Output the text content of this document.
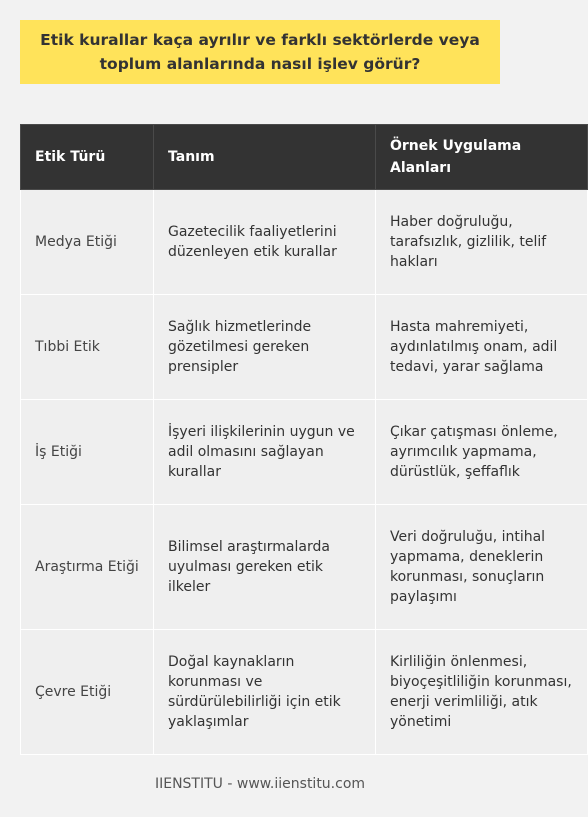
Etik kurallar kaça ayrılır ve farklı sektörlerde veya toplum alanlarında nasıl işlev görür?
Etik Türü	Tanım	Örnek Uygulama Alanları
Medya Etiği	Gazetecilik faaliyetlerini düzenleyen etik kurallar	Haber doğruluğu, tarafsızlık, gizlilik, telif hakları
Tıbbi Etik	Sağlık hizmetlerinde gözetilmesi gereken prensipler	Hasta mahremiyeti, aydınlatılmış onam, adil tedavi, yarar sağlama
İş Etiği	İşyeri ilişkilerinin uygun ve adil olmasını sağlayan kurallar	Çıkar çatışması önleme, ayrımcılık yapmama, dürüstlük, şeffaflık
Araştırma Etiği	Bilimsel araştırmalarda uyulması gereken etik ilkeler	Veri doğruluğu, intihal yapmama, deneklerin korunması, sonuçların paylaşımı
Çevre Etiği	Doğal kaynakların korunması ve sürdürülebilirliği için etik yaklaşımlar	Kirliliğin önlenmesi, biyoçeşitliliğin korunması, enerji verimliliği, atık yönetimi
IIENSTITU - www.iienstitu.com
